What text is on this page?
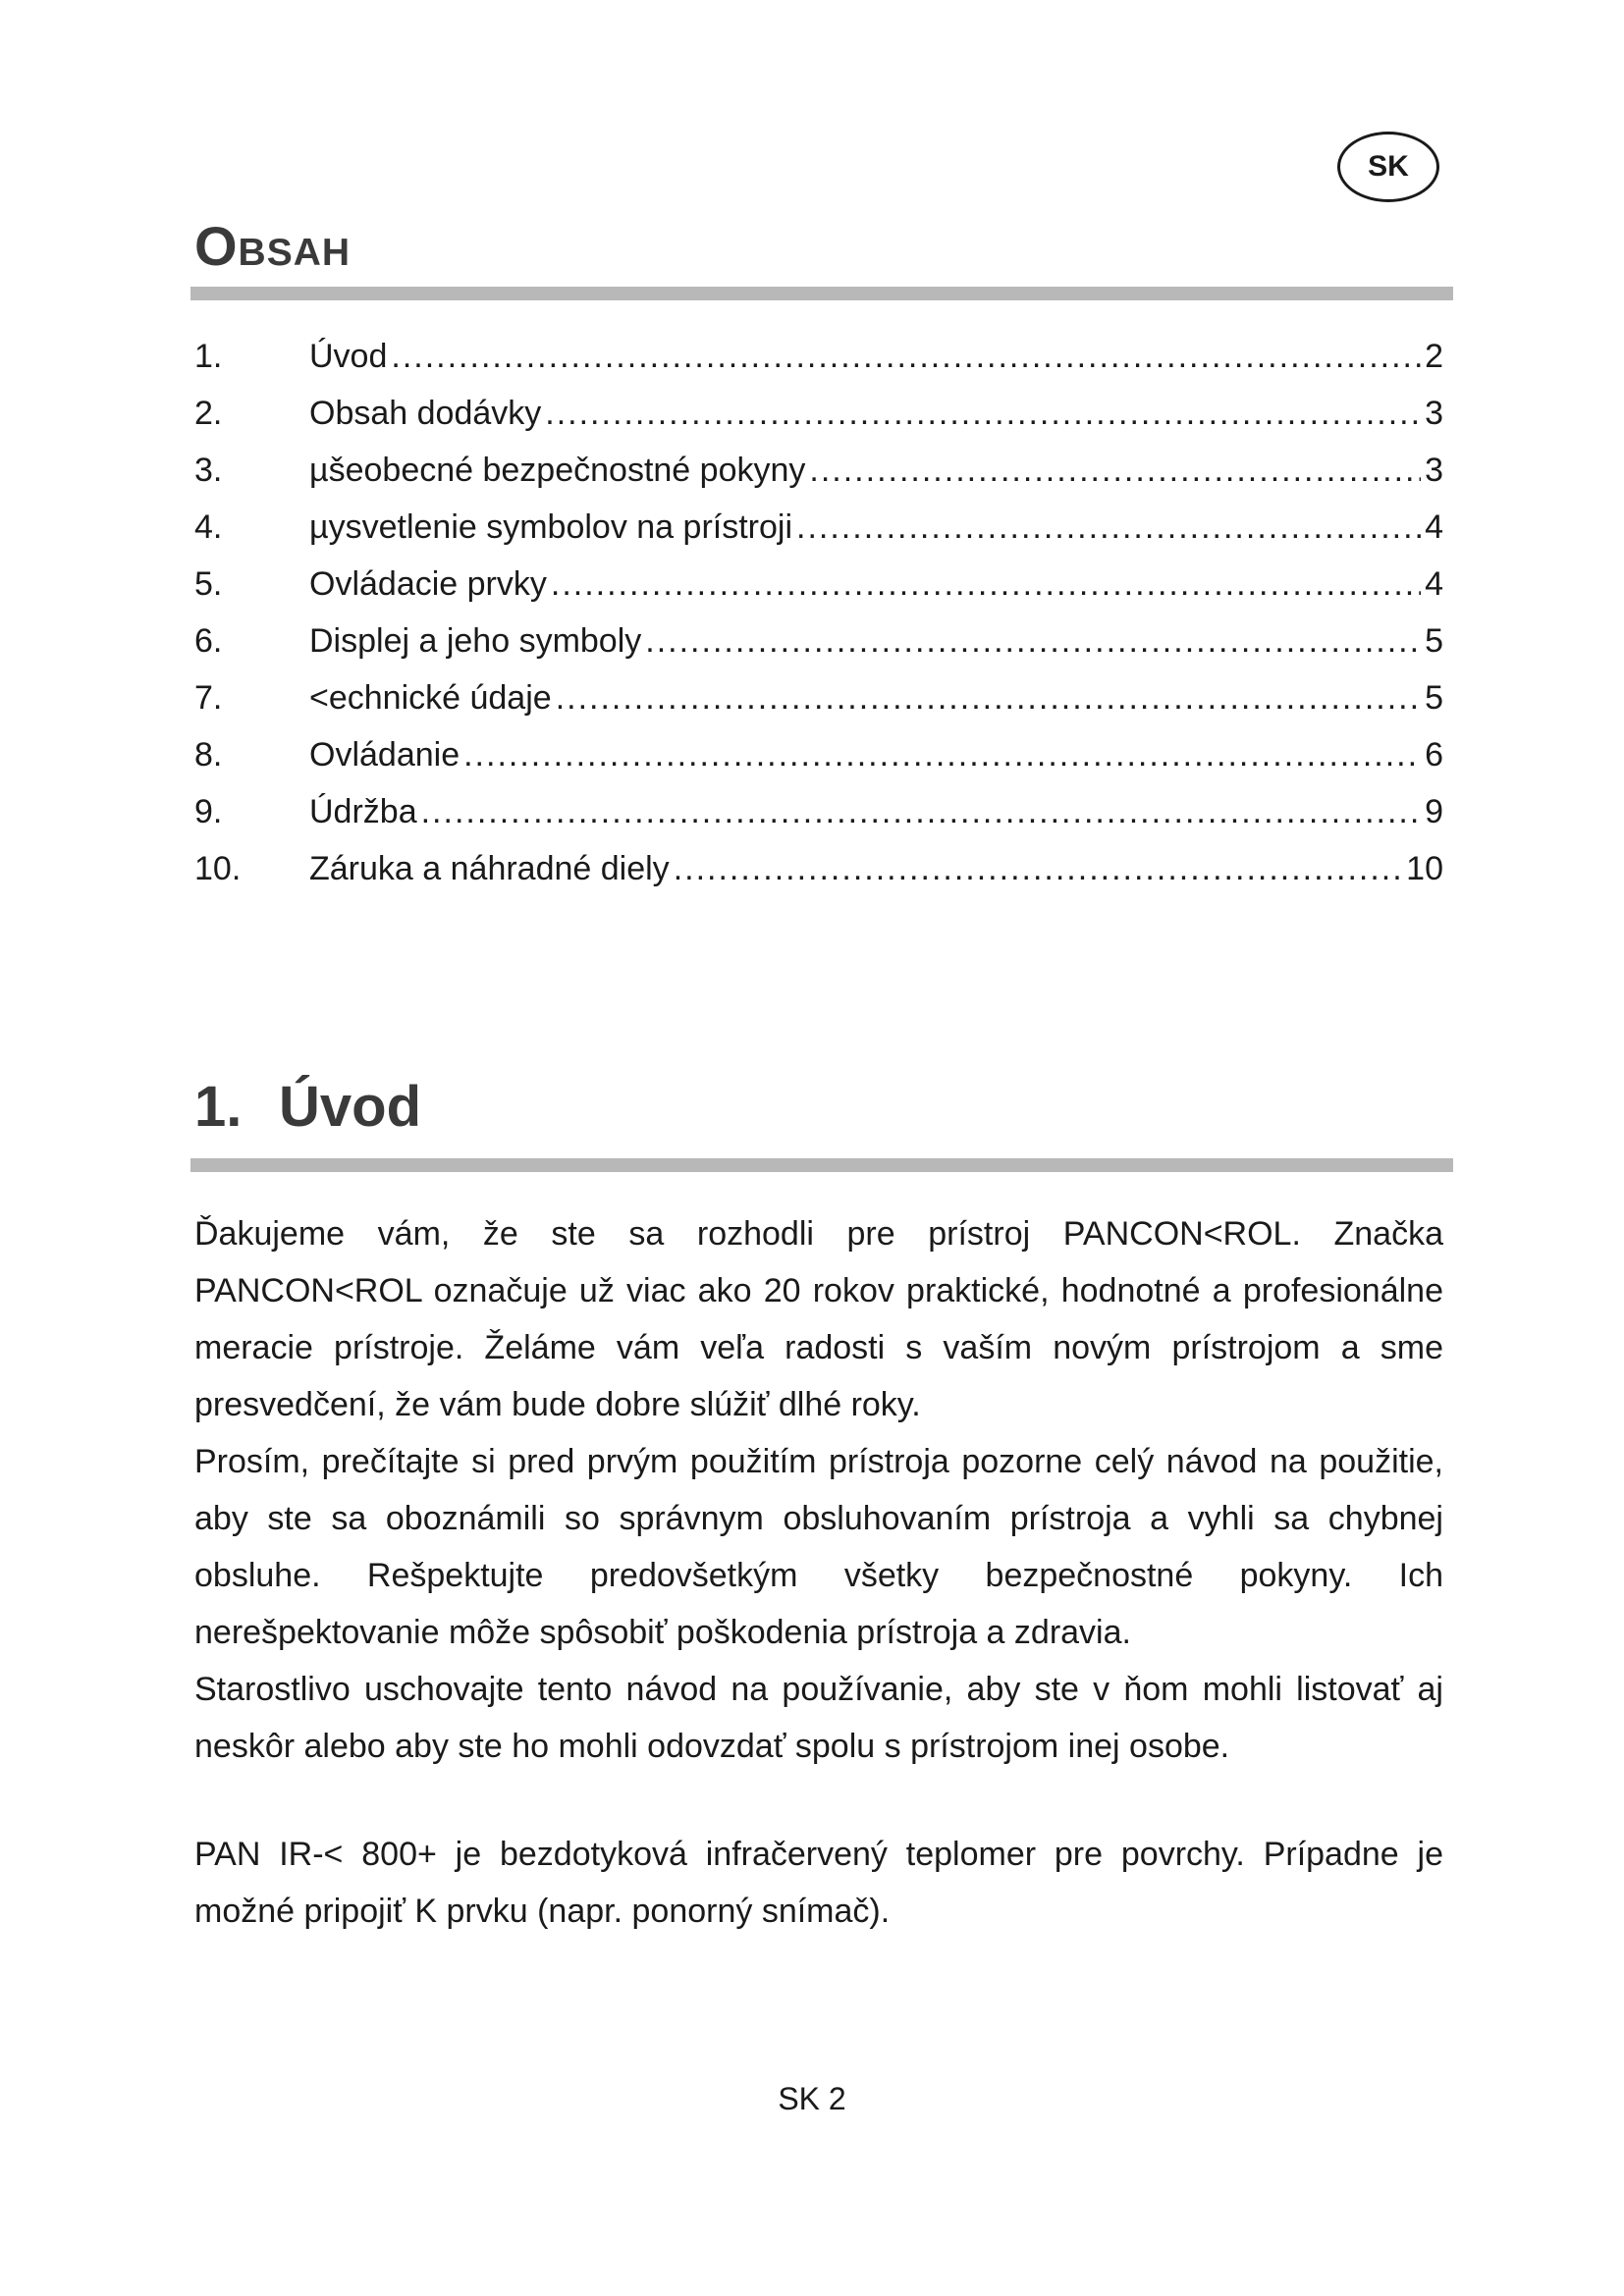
SK
Obsah
1.	Úvod .....	2
2.	Obsah dodávky .....	3
3.	µšeobecné bezpečnostné pokyny .....	3
4.	µysvetlenie symbolov na prístroji .....	4
5.	Ovládacie prvky .....	4
6.	Displej a jeho symboly .....	5
7.	<echnické údaje .....	5
8.	Ovládanie .....	6
9.	Údržba .....	9
10.	Záruka a náhradné diely .....	10
1. Úvod

Ďakujeme vám, že ste sa rozhodli pre prístroj PANCON<ROL. Značka PANCON<ROL označuje už viac ako 20 rokov praktické, hodnotné a profesionálne meracie prístroje. Želáme vám veľa radosti s vaším novým prístrojom a sme presvedčení, že vám bude dobre slúžiť dlhé roky.

Prosím, prečítajte si pred prvým použitím prístroja pozorne celý návod na použitie, aby ste sa oboznámili so správnym obsluhovaním prístroja a vyhli sa chybnej obsluhe. Rešpektujte predovšetkým všetky bezpečnostné pokyny. Ich nerešpektovanie môže spôsobiť poškodenia prístroja a zdravia.

Starostlivo uschovajte tento návod na používanie, aby ste v ňom mohli listovať aj neskôr alebo aby ste ho mohli odovzdať spolu s prístrojom inej osobe.

PAN IR-< 800+ je bezdotyková infračervený teplomer pre povrchy. Prípadne je možné pripojiť K prvku (napr. ponorný snímač).

SK 2
